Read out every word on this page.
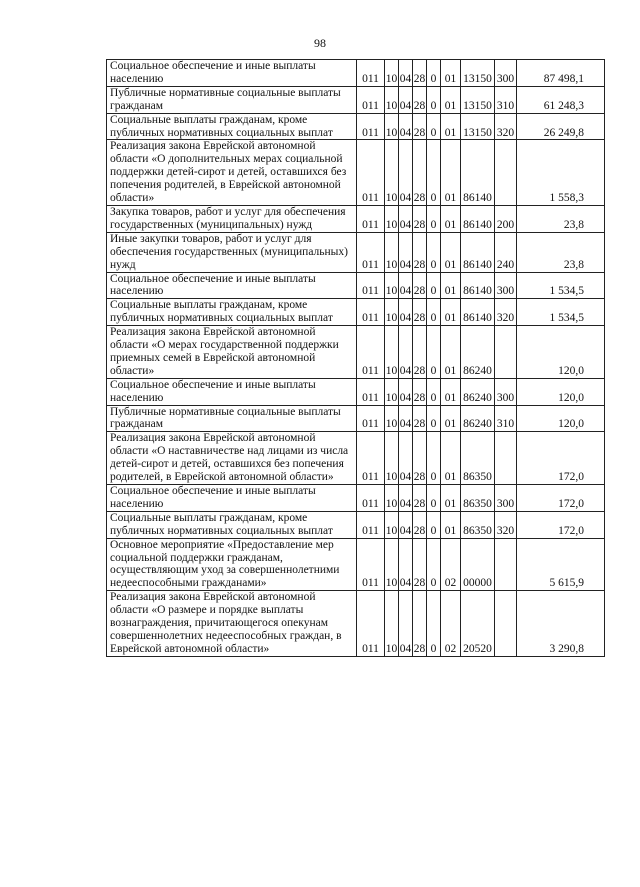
98
Социальное обеспечение и иные выплаты населению	011	10	04	28	0	01	13150	300	87 498,1
Публичные нормативные социальные выплаты гражданам	011	10	04	28	0	01	13150	310	61 248,3
Социальные выплаты гражданам, кроме публичных нормативных социальных выплат	011	10	04	28	0	01	13150	320	26 249,8
Реализация закона Еврейской автономной области «О дополнительных мерах социальной поддержки детей-сирот и детей, оставшихся без попечения родителей, в Еврейской автономной области»	011	10	04	28	0	01	86140		1 558,3
Закупка товаров, работ и услуг для обеспечения государственных (муниципальных) нужд	011	10	04	28	0	01	86140	200	23,8
Иные закупки товаров, работ и услуг для обеспечения государственных (муниципальных) нужд	011	10	04	28	0	01	86140	240	23,8
Социальное обеспечение и иные выплаты населению	011	10	04	28	0	01	86140	300	1 534,5
Социальные выплаты гражданам, кроме публичных нормативных социальных выплат	011	10	04	28	0	01	86140	320	1 534,5
Реализация закона Еврейской автономной области «О мерах государственной поддержки приемных семей в Еврейской автономной области»	011	10	04	28	0	01	86240		120,0
Социальное обеспечение и иные выплаты населению	011	10	04	28	0	01	86240	300	120,0
Публичные нормативные социальные выплаты гражданам	011	10	04	28	0	01	86240	310	120,0
Реализация закона Еврейской автономной области «О наставничестве над лицами из числа детей-сирот и детей, оставшихся без попечения родителей, в Еврейской автономной области»	011	10	04	28	0	01	86350		172,0
Социальное обеспечение и иные выплаты населению	011	10	04	28	0	01	86350	300	172,0
Социальные выплаты гражданам, кроме публичных нормативных социальных выплат	011	10	04	28	0	01	86350	320	172,0
Основное мероприятие «Предоставление мер социальной поддержки гражданам, осуществляющим уход за совершеннолетними недееспособными гражданами»	011	10	04	28	0	02	00000		5 615,9
Реализация закона Еврейской автономной области «О размере и порядке выплаты вознаграждения, причитающегося опекунам совершеннолетних недееспособных граждан, в Еврейской автономной области»	011	10	04	28	0	02	20520		3 290,8
